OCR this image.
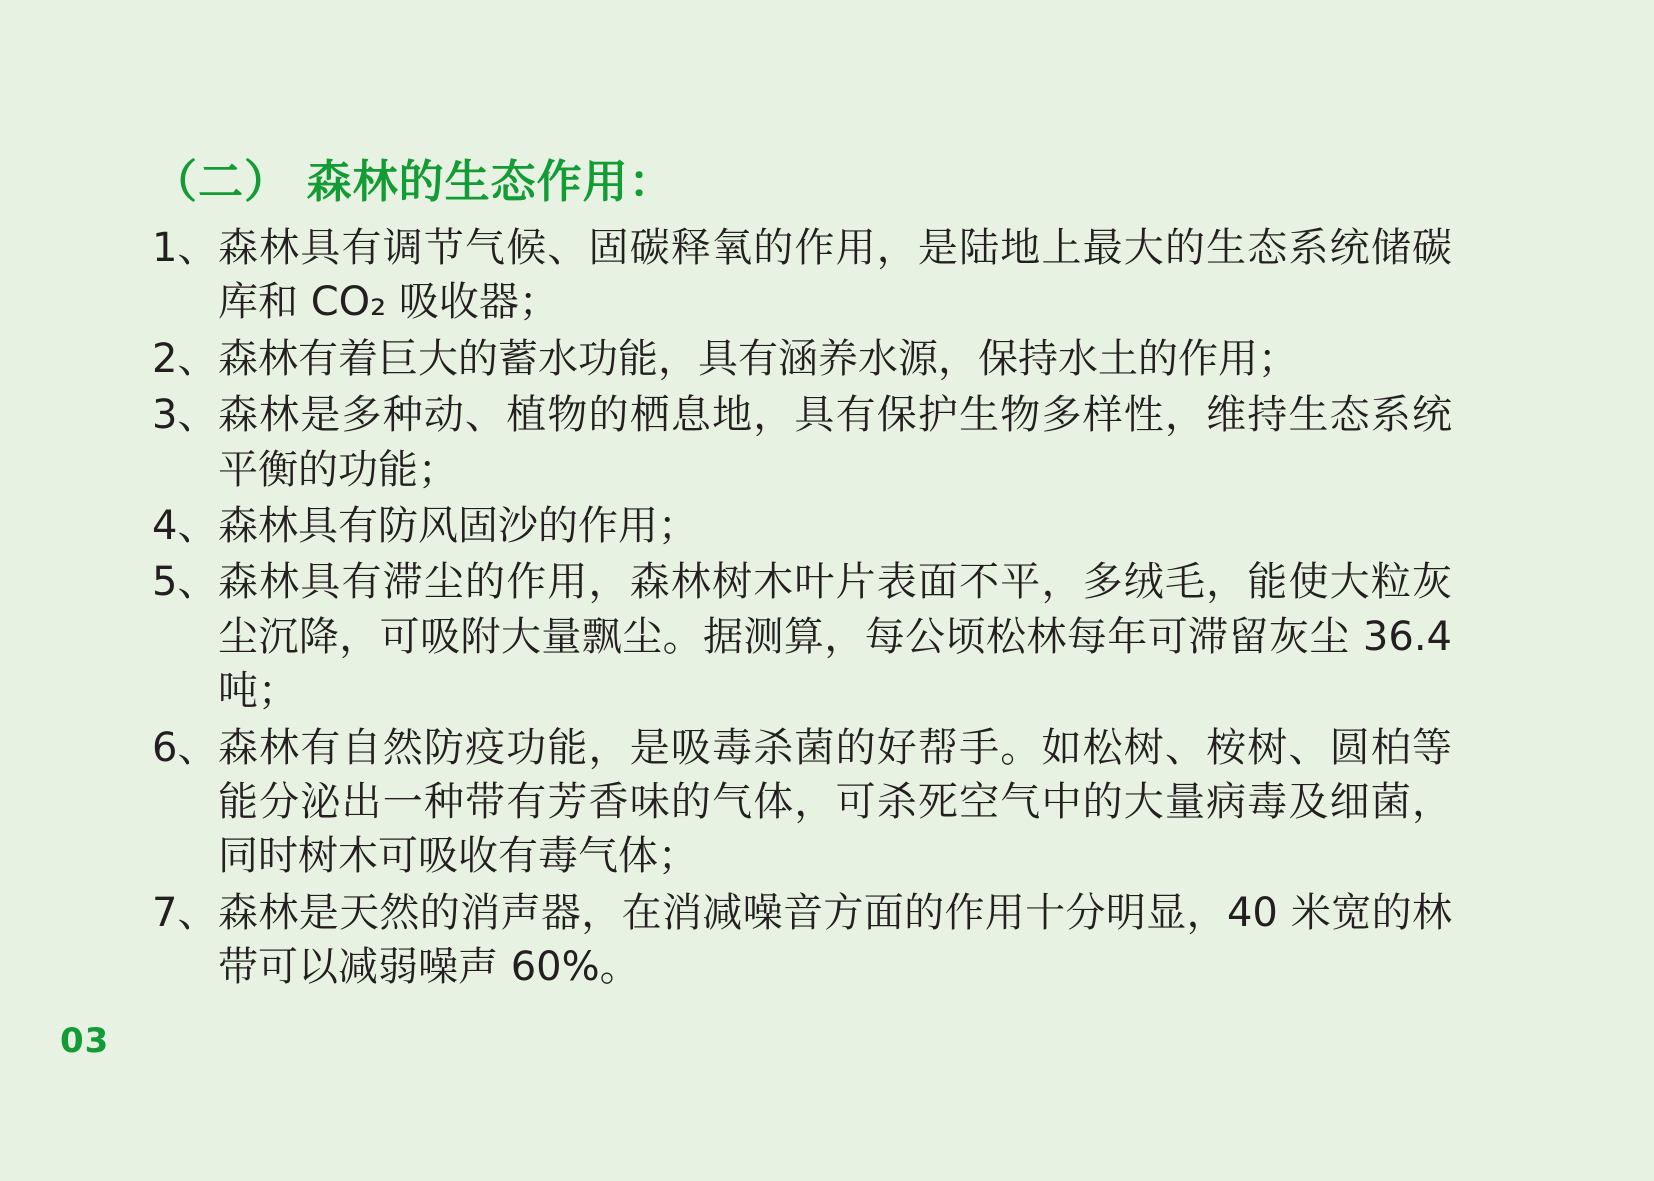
（二） 森林的生态作用：
1、 森林具有调节气候、固碳释氧的作用，是陆地上最大的生态系统储碳库和 CO₂ 吸收器；
2、 森林有着巨大的蓄水功能，具有涵养水源，保持水土的作用；
3、 森林是多种动、植物的栖息地，具有保护生物多样性，维持生态系统平衡的功能；
4、 森林具有防风固沙的作用；
5、 森林具有滞尘的作用，森林树木叶片表面不平，多绒毛，能使大粒灰尘沉降，可吸附大量飘尘。据测算，每公顷松林每年可滞留灰尘 36.4 吨；
6、 森林有自然防疫功能，是吸毒杀菌的好帮手。如松树、桉树、圆柏等能分泌出一种带有芳香味的气体，可杀死空气中的大量病毒及细菌，同时树木可吸收有毒气体；
7、 森林是天然的消声器，在消减噪音方面的作用十分明显，40 米宽的林带可以减弱噪声 60%。
03
